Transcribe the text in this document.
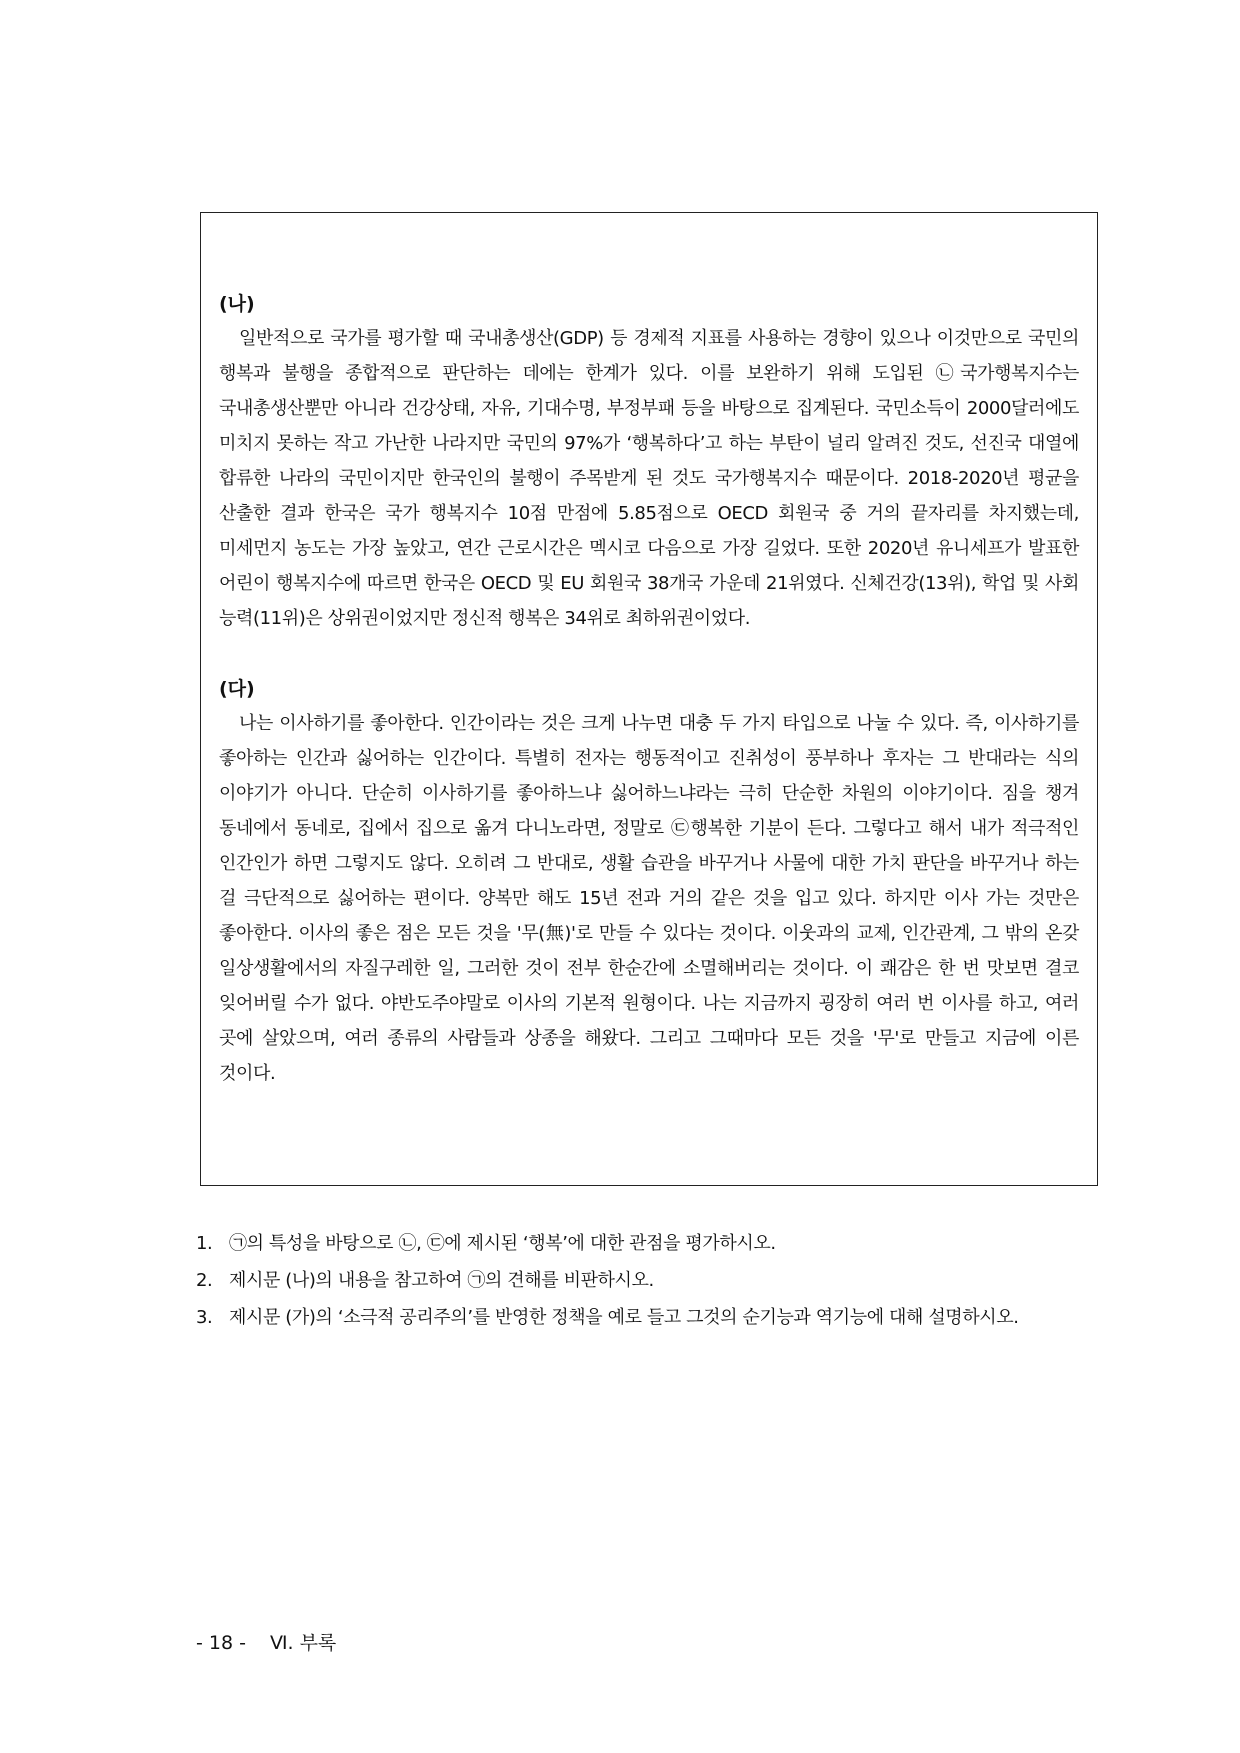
(나)

일반적으로 국가를 평가할 때 국내총생산(GDP) 등 경제적 지표를 사용하는 경향이 있으나 이것만으로 국민의 행복과 불행을 종합적으로 판단하는 데에는 한계가 있다. 이를 보완하기 위해 도입된 ㉡국가행복지수는 국내총생산뿐만 아니라 건강상태, 자유, 기대수명, 부정부패 등을 바탕으로 집계된다. 국민소득이 2000달러에도 미치지 못하는 작고 가난한 나라지만 국민의 97%가 ‘행복하다’고 하는 부탄이 널리 알려진 것도, 선진국 대열에 합류한 나라의 국민이지만 한국인의 불행이 주목받게 된 것도 국가행복지수 때문이다. 2018-2020년 평균을 산출한 결과 한국은 국가 행복지수 10점 만점에 5.85점으로 OECD 회원국 중 거의 끝자리를 차지했는데, 미세먼지 농도는 가장 높았고, 연간 근로시간은 멕시코 다음으로 가장 길었다. 또한 2020년 유니세프가 발표한 어린이 행복지수에 따르면 한국은 OECD 및 EU 회원국 38개국 가운데 21위였다. 신체건강(13위), 학업 및 사회 능력(11위)은 상위권이었지만 정신적 행복은 34위로 최하위권이었다.

(다)

나는 이사하기를 좋아한다. 인간이라는 것은 크게 나누면 대충 두 가지 타입으로 나눌 수 있다. 즉, 이사하기를 좋아하는 인간과 싫어하는 인간이다. 특별히 전자는 행동적이고 진취성이 풍부하나 후자는 그 반대라는 식의 이야기가 아니다. 단순히 이사하기를 좋아하느냐 싫어하느냐라는 극히 단순한 차원의 이야기이다. 짐을 챙겨 동네에서 동네로, 집에서 집으로 옮겨 다니노라면, 정말로 ㉢행복한 기분이 든다. 그렇다고 해서 내가 적극적인 인간인가 하면 그렇지도 않다. 오히려 그 반대로, 생활 습관을 바꾸거나 사물에 대한 가치 판단을 바꾸거나 하는 걸 극단적으로 싫어하는 편이다. 양복만 해도 15년 전과 거의 같은 것을 입고 있다. 하지만 이사 가는 것만은 좋아한다. 이사의 좋은 점은 모든 것을 '무(無)'로 만들 수 있다는 것이다. 이웃과의 교제, 인간관계, 그 밖의 온갖 일상생활에서의 자질구레한 일, 그러한 것이 전부 한순간에 소멸해버리는 것이다. 이 쾌감은 한 번 맛보면 결코 잊어버릴 수가 없다. 야반도주야말로 이사의 기본적 원형이다. 나는 지금까지 굉장히 여러 번 이사를 하고, 여러 곳에 살았으며, 여러 종류의 사람들과 상종을 해왔다. 그리고 그때마다 모든 것을 '무'로 만들고 지금에 이른 것이다.

1. ㉠의 특성을 바탕으로 ㉡, ㉢에 제시된 ‘행복’에 대한 관점을 평가하시오.
2. 제시문 (나)의 내용을 참고하여 ㉠의 견해를 비판하시오.
3. 제시문 (가)의 ‘소극적 공리주의’를 반영한 정책을 예로 들고 그것의 순기능과 역기능에 대해 설명하시오.
- 18 - Ⅵ. 부록
